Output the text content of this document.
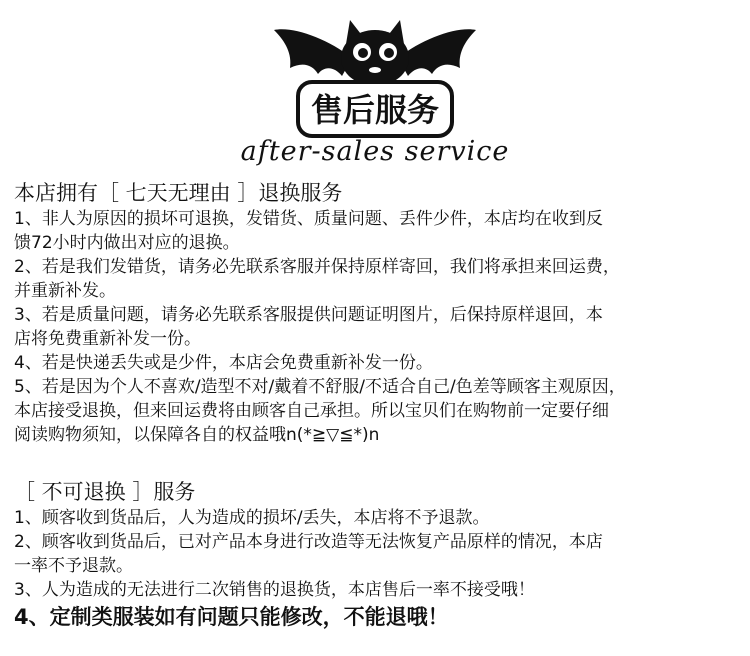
售后服务
after-sales service
本店拥有［ 七天无理由 ］退换服务
1、非人为原因的损坏可退换，发错货、质量问题、丢件少件，本店均在收到反
馈72小时内做出对应的退换。
2、若是我们发错货，请务必先联系客服并保持原样寄回，我们将承担来回运费，
并重新补发。
3、若是质量问题，请务必先联系客服提供问题证明图片，后保持原样退回，本
店将免费重新补发一份。
4、若是快递丢失或是少件，本店会免费重新补发一份。
5、若是因为个人不喜欢/造型不对/戴着不舒服/不适合自己/色差等顾客主观原因，
本店接受退换，但来回运费将由顾客自己承担。所以宝贝们在购物前一定要仔细
阅读购物须知，以保障各自的权益哦n(*≧▽≦*)n
［ 不可退换 ］服务
1、顾客收到货品后，人为造成的损坏/丢失，本店将不予退款。
2、顾客收到货品后，已对产品本身进行改造等无法恢复产品原样的情况，本店
一率不予退款。
3、人为造成的无法进行二次销售的退换货，本店售后一率不接受哦！
4、定制类服装如有问题只能修改，不能退哦！
